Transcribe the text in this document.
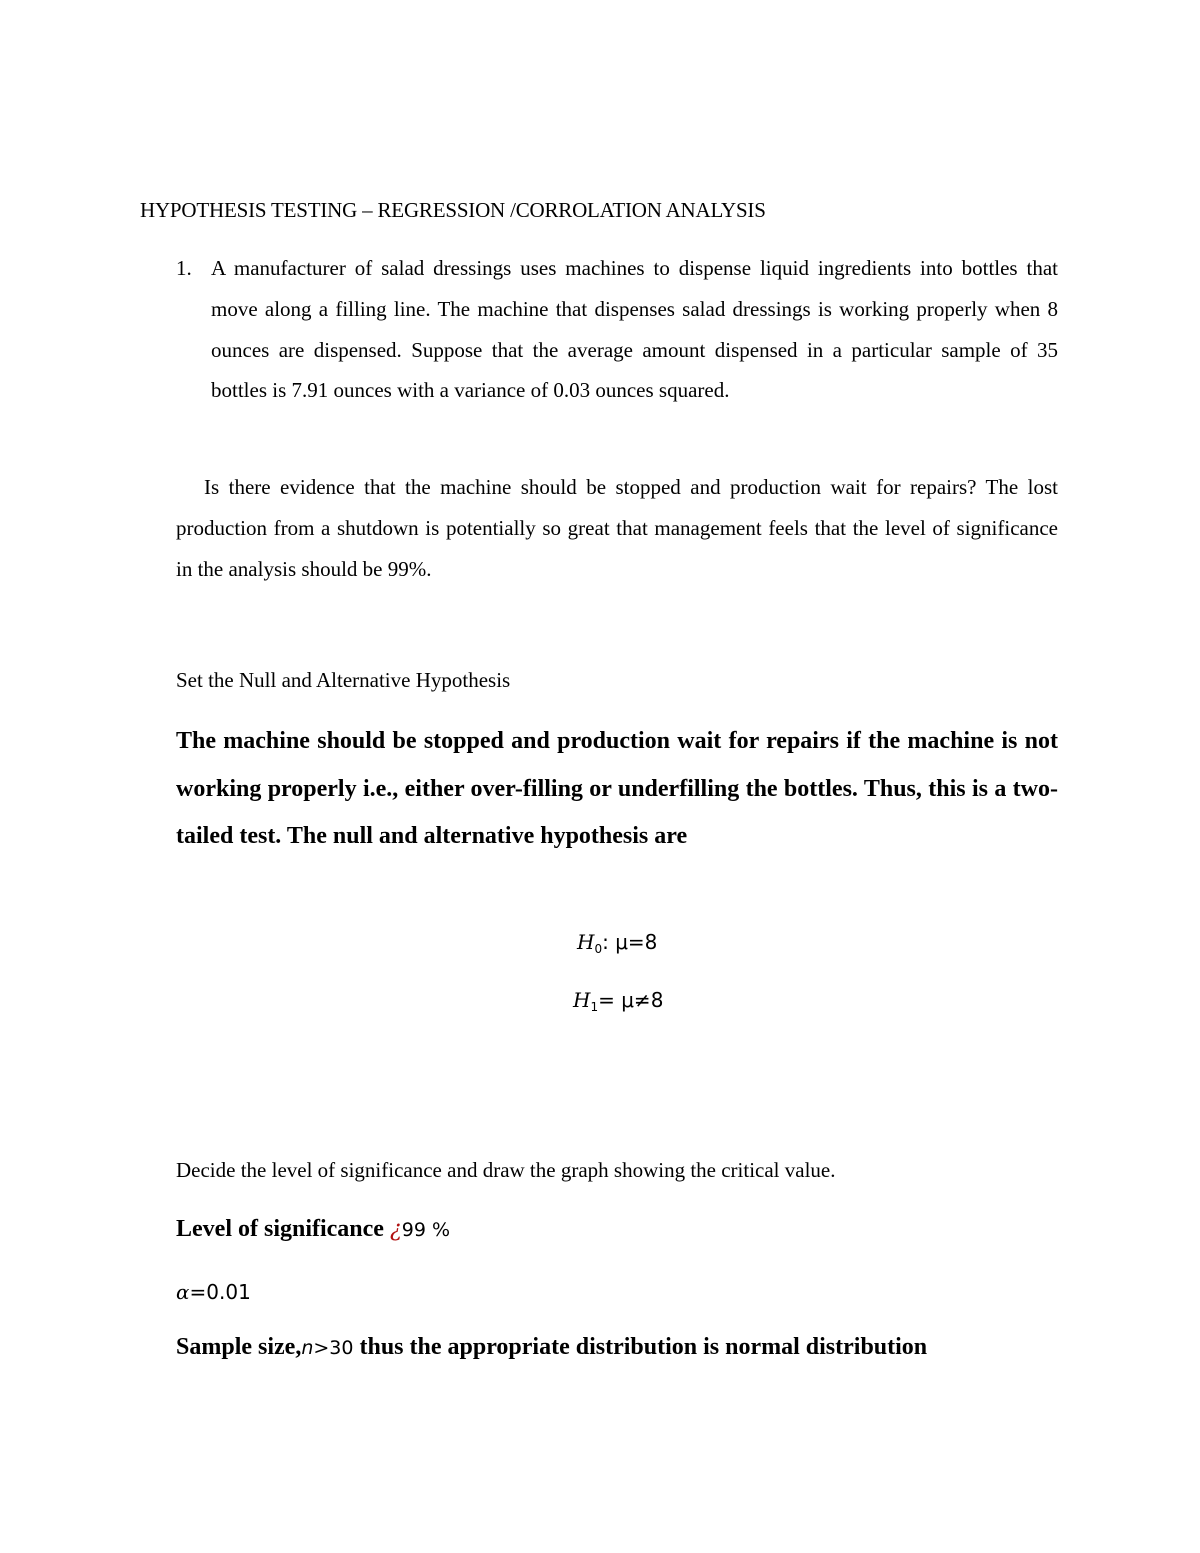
HYPOTHESIS TESTING – REGRESSION /CORROLATION ANALYSIS
1. A manufacturer of salad dressings uses machines to dispense liquid ingredients into bottles that move along a filling line. The machine that dispenses salad dressings is working properly when 8 ounces are dispensed. Suppose that the average amount dispensed in a particular sample of 35 bottles is 7.91 ounces with a variance of 0.03 ounces squared.
Is there evidence that the machine should be stopped and production wait for repairs? The lost production from a shutdown is potentially so great that management feels that the level of significance in the analysis should be 99%.
Set the Null and Alternative Hypothesis
The machine should be stopped and production wait for repairs if the machine is not working properly i.e., either over-filling or underfilling the bottles. Thus, this is a two-tailed test. The null and alternative hypothesis are
$H_0$: μ=8
$H_1= \mu\ne 8$
Decide the level of significance and draw the graph showing the critical value.
Level of significance ¿99 %
α=0.01
Sample size,n>30 thus the appropriate distribution is normal distribution
